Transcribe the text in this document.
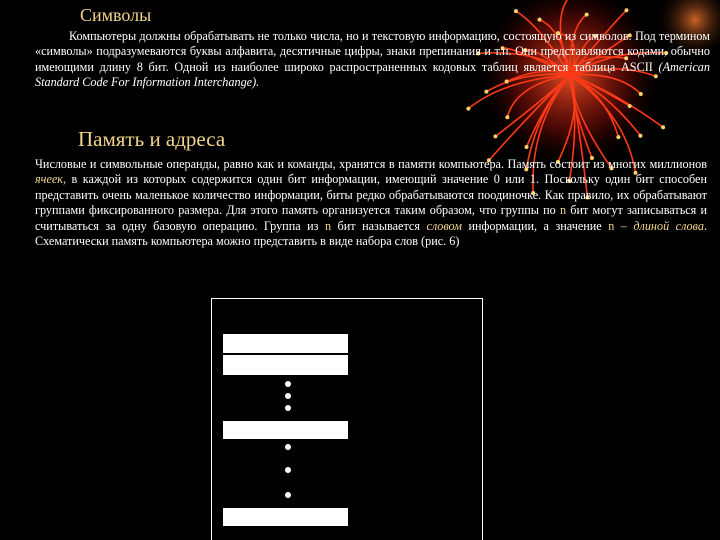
Символы

Компьютеры должны обрабатывать не только числа, но и текстовую информацию, состоящую из символов. Под термином «символы» подразумеваются буквы алфавита, десятичные цифры, знаки препинания и т.п. Они представляются кодами, обычно имеющими длину 8 бит. Одной из наиболее широко распространенных кодовых таблиц является таблица ASCII (American Standard Code For Information Interchange).

Память и адреса

Числовые и символьные операнды, равно как и команды, хранятся в памяти компьютера. Память состоит из многих миллионов ячеек, в каждой из которых содержится один бит информации, имеющий значение 0 или 1. Поскольку один бит способен представить очень маленькое количество информации, биты редко обрабатываются поодиночке. Как правило, их обрабатывают группами фиксированного размера. Для этого память организуется таким образом, что группы по n бит могут записываться и считываться за одну базовую операцию. Группа из n бит называется словом информации, а значение n – длиной слова. Схематически память компьютера можно представить в виде набора слов (рис. 6)
